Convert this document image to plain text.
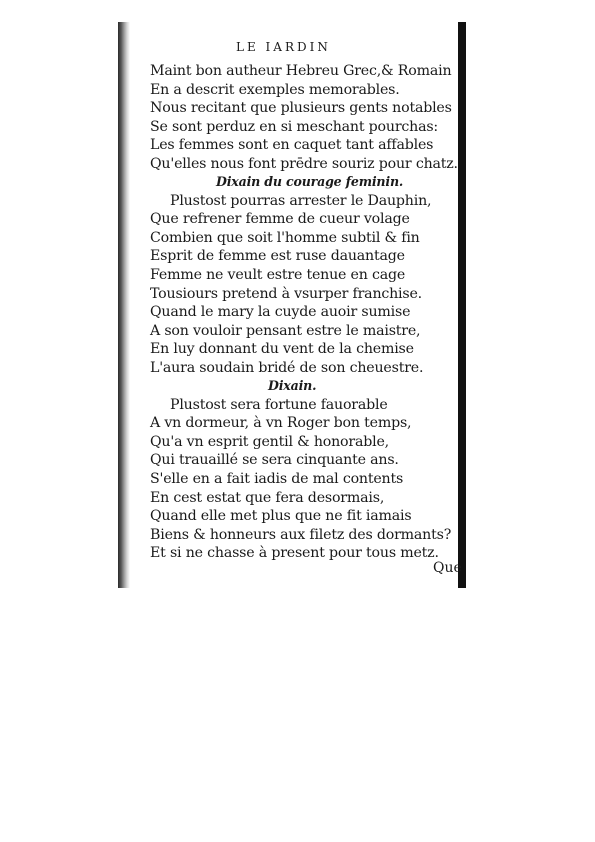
LE IARDIN
Maint bon autheur Hebreu Grec,& Romain
En a descrit exemples memorables.
Nous recitant que plusieurs gents notables
Se sont perduz en si meschant pourchas:
Les femmes sont en caquet tant affables
Qu'elles nous font prēdre souriz pour chatz.
Dixain du courage feminin.
Plustost pourras arrester le Dauphin,
Que refrener femme de cueur volage
Combien que soit l'homme subtil & fin
Esprit de femme est ruse dauantage
Femme ne veult estre tenue en cage
Tousiours pretend à vsurper franchise.
Quand le mary la cuyde auoir sumise
A son vouloir pensant estre le maistre,
En luy donnant du vent de la chemise
L'aura soudain bridé de son cheuestre.
Dixain.
Plustost sera fortune fauorable
A vn dormeur, à vn Roger bon temps,
Qu'a vn esprit gentil & honorable,
Qui trauaillé se sera cinquante ans.
S'elle en a fait iadis de mal contents
En cest estat que fera desormais,
Quand elle met plus que ne fit iamais
Biens & honneurs aux filetz des dormants?
Et si ne chasse à present pour tous metz.
Que
